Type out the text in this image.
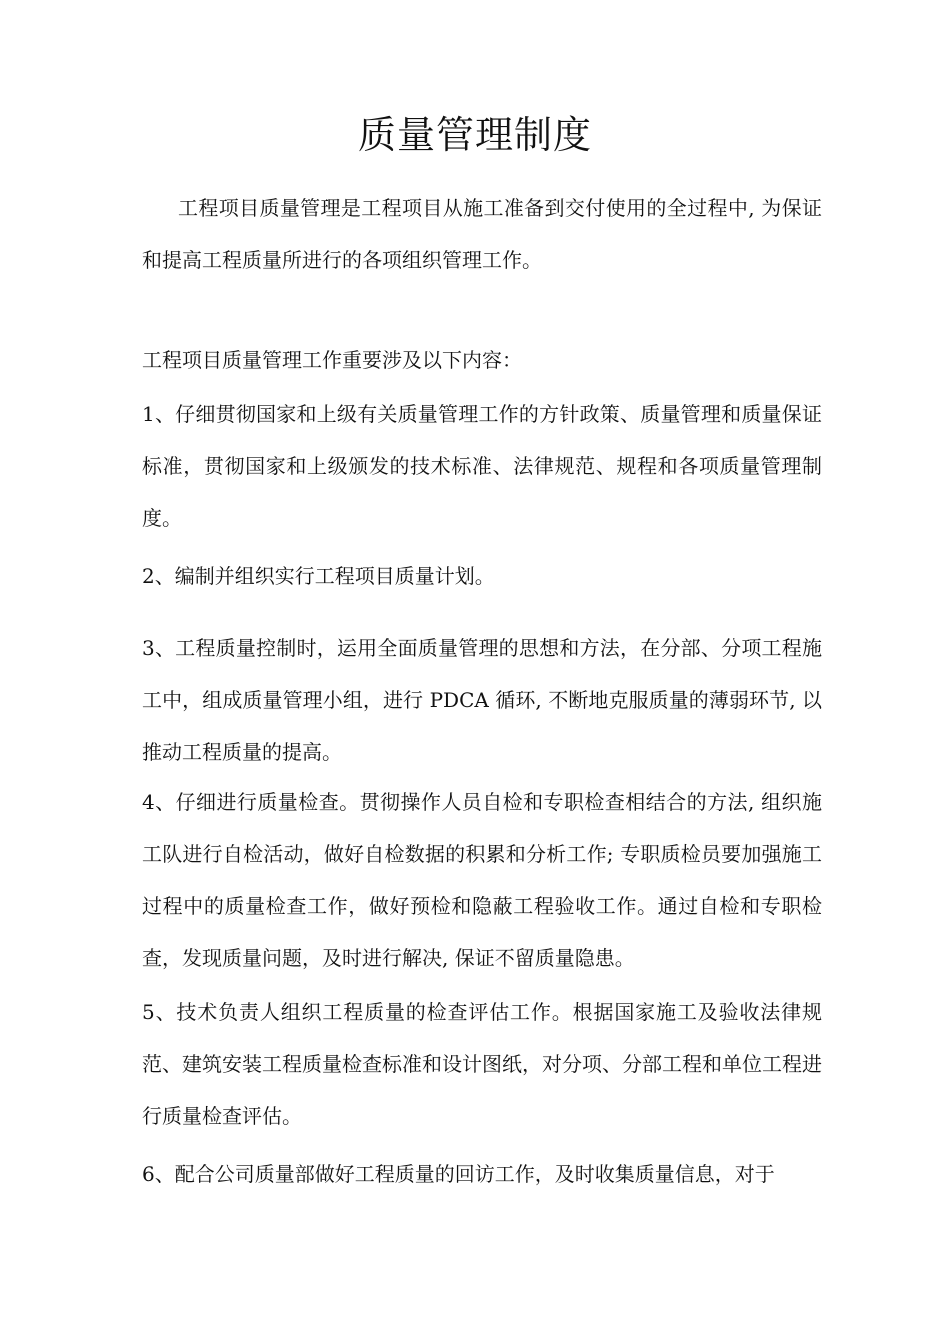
质量管理制度

工程项目质量管理是工程项目从施工准备到交付使用的全过程中, 为保证和提高工程质量所进行的各项组织管理工作。

工程项目质量管理工作重要涉及以下内容：

1、仔细贯彻国家和上级有关质量管理工作的方针政策、质量管理和质量保证标准，贯彻国家和上级颁发的技术标准、法律规范、规程和各项质量管理制度。

2、编制并组织实行工程项目质量计划。

3、工程质量控制时，运用全面质量管理的思想和方法，在分部、分项工程施工中，组成质量管理小组，进行 PDCA 循环, 不断地克服质量的薄弱环节, 以推动工程质量的提高。

4、仔细进行质量检查。贯彻操作人员自检和专职检查相结合的方法, 组织施工队进行自检活动，做好自检数据的积累和分析工作; 专职质检员要加强施工过程中的质量检查工作，做好预检和隐蔽工程验收工作。通过自检和专职检查，发现质量问题，及时进行解决, 保证不留质量隐患。

5、技术负责人组织工程质量的检查评估工作。根据国家施工及验收法律规范、建筑安装工程质量检查标准和设计图纸，对分项、分部工程和单位工程进行质量检查评估。

6、配合公司质量部做好工程质量的回访工作，及时收集质量信息，对于
